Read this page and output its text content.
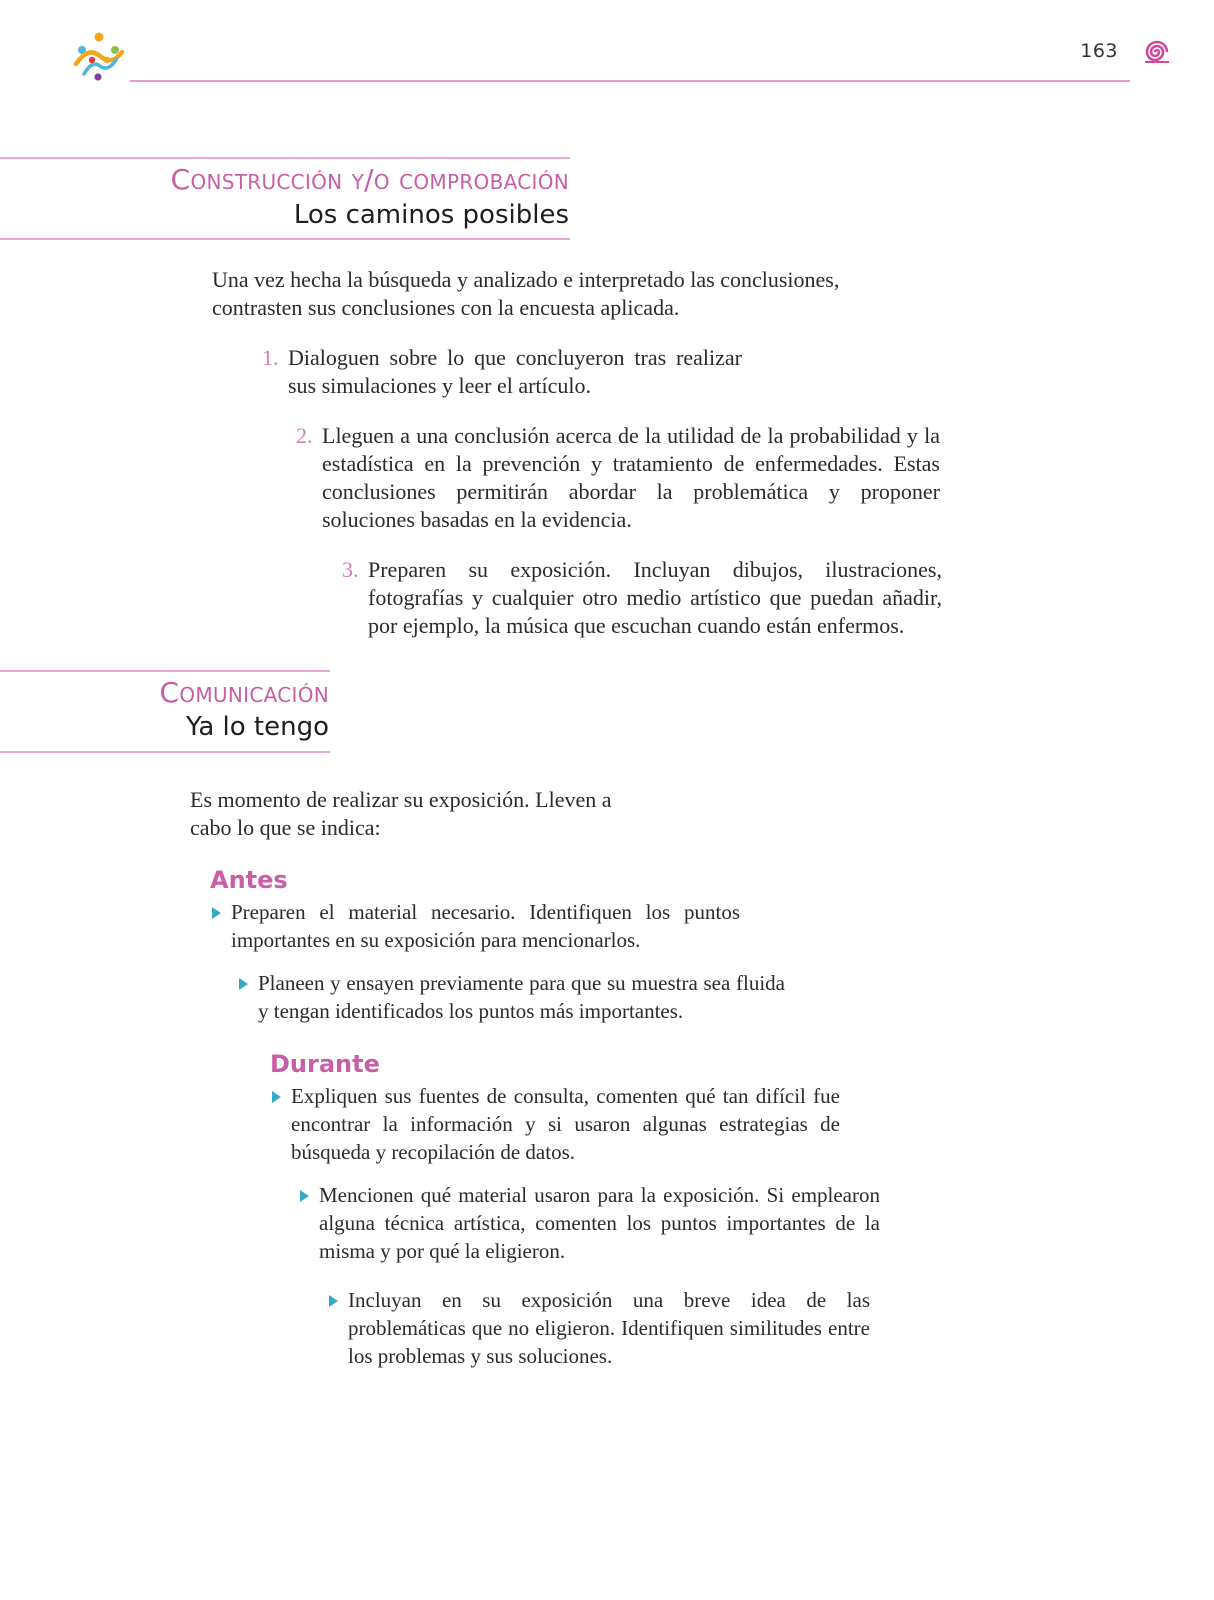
163
Construcción y/o comprobación
Los caminos posibles
Una vez hecha la búsqueda y analizado e interpretado las conclusiones, contrasten sus conclusiones con la encuesta aplicada.
1. Dialoguen sobre lo que concluyeron tras realizar sus simulaciones y leer el artículo.
2. Lleguen a una conclusión acerca de la utilidad de la probabilidad y la estadística en la prevención y tratamiento de enfermedades. Estas conclusiones permitirán abordar la problemática y proponer soluciones basadas en la evidencia.
3. Preparen su exposición. Incluyan dibujos, ilustraciones, fotografías y cualquier otro medio artístico que puedan añadir, por ejemplo, la música que escuchan cuando están enfermos.
Comunicación
Ya lo tengo
Es momento de realizar su exposición. Lleven a cabo lo que se indica:
Antes
Preparen el material necesario. Identifiquen los puntos importantes en su exposición para mencionarlos.
Planeen y ensayen previamente para que su muestra sea fluida y tengan identificados los puntos más importantes.
Durante
Expliquen sus fuentes de consulta, comenten qué tan difícil fue encontrar la información y si usaron algunas estrategias de búsqueda y recopilación de datos.
Mencionen qué material usaron para la exposición. Si emplearon alguna técnica artística, comenten los puntos importantes de la misma y por qué la eligieron.
Incluyan en su exposición una breve idea de las problemáticas que no eligieron. Identifiquen similitudes entre los problemas y sus soluciones.
